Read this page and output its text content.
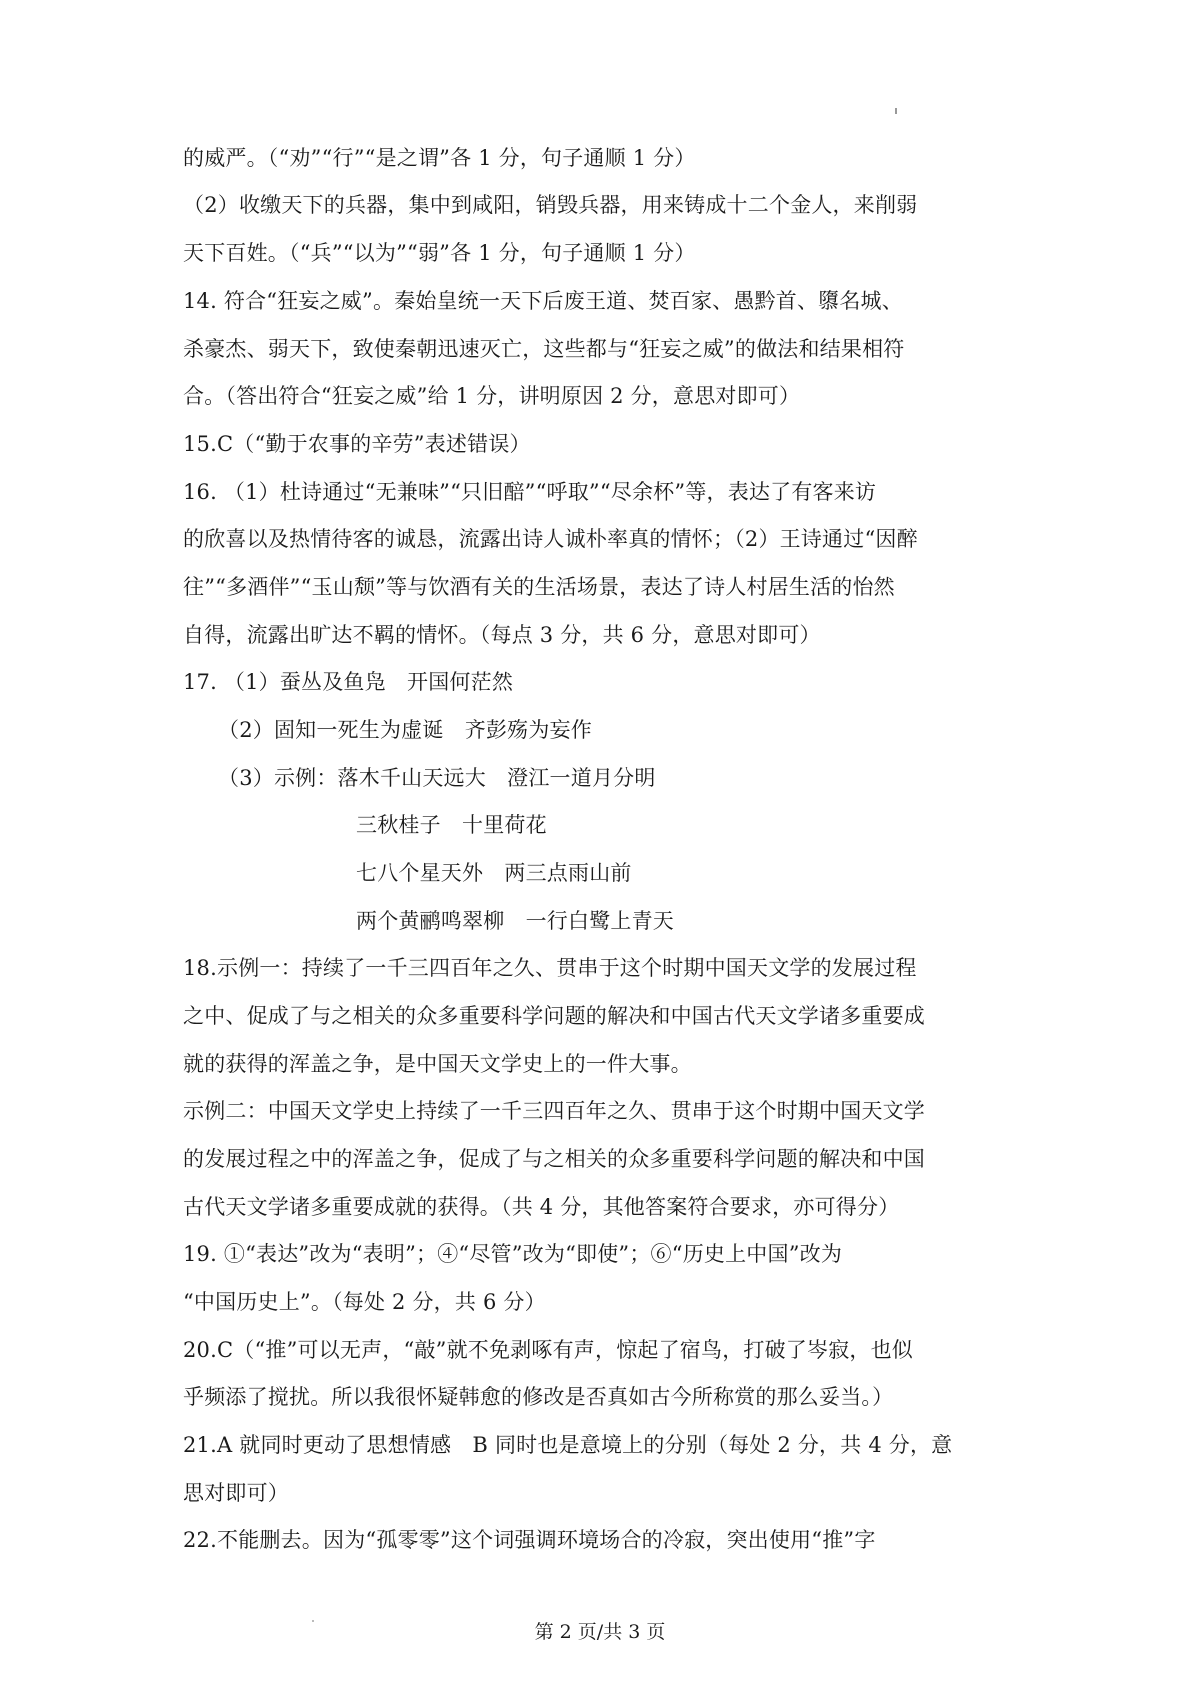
的威严。（“劝”“行”“是之谓”各 1 分，句子通顺 1 分）
（2）收缴天下的兵器，集中到咸阳，销毁兵器，用来铸成十二个金人，来削弱
天下百姓。（“兵”“以为”“弱”各 1 分，句子通顺 1 分）
14. 符合“狂妄之威”。秦始皇统一天下后废王道、焚百家、愚黔首、隳名城、
杀豪杰、弱天下，致使秦朝迅速灭亡，这些都与“狂妄之威”的做法和结果相符
合。（答出符合“狂妄之威”给 1 分，讲明原因 2 分，意思对即可）
15.C（“勤于农事的辛劳”表述错误）
16. （1）杜诗通过“无兼味”“只旧醅”“呼取”“尽余杯”等，表达了有客来访
的欣喜以及热情待客的诚恳，流露出诗人诚朴率真的情怀；（2）王诗通过“因醉
往”“多酒伴”“玉山颓”等与饮酒有关的生活场景，表达了诗人村居生活的怡然
自得，流露出旷达不羁的情怀。（每点 3 分，共 6 分，意思对即可）
17. （1）蚕丛及鱼凫　开国何茫然
（2）固知一死生为虚诞　齐彭殇为妄作
（3）示例：落木千山天远大　澄江一道月分明
三秋桂子　十里荷花
七八个星天外　两三点雨山前
两个黄鹂鸣翠柳　一行白鹭上青天
18.示例一：持续了一千三四百年之久、贯串于这个时期中国天文学的发展过程
之中、促成了与之相关的众多重要科学问题的解决和中国古代天文学诸多重要成
就的获得的浑盖之争，是中国天文学史上的一件大事。
示例二：中国天文学史上持续了一千三四百年之久、贯串于这个时期中国天文学
的发展过程之中的浑盖之争，促成了与之相关的众多重要科学问题的解决和中国
古代天文学诸多重要成就的获得。（共 4 分，其他答案符合要求，亦可得分）
19. ①“表达”改为“表明”；④“尽管”改为“即使”；⑥“历史上中国”改为
“中国历史上”。（每处 2 分，共 6 分）
20.C（“推”可以无声，“敲”就不免剥啄有声，惊起了宿鸟，打破了岑寂，也似
乎频添了搅扰。所以我很怀疑韩愈的修改是否真如古今所称赏的那么妥当。）
21.A 就同时更动了思想情感　B 同时也是意境上的分别（每处 2 分，共 4 分，意
思对即可）
22.不能删去。因为“孤零零”这个词强调环境场合的冷寂，突出使用“推”字
第 2 页/共 3 页
